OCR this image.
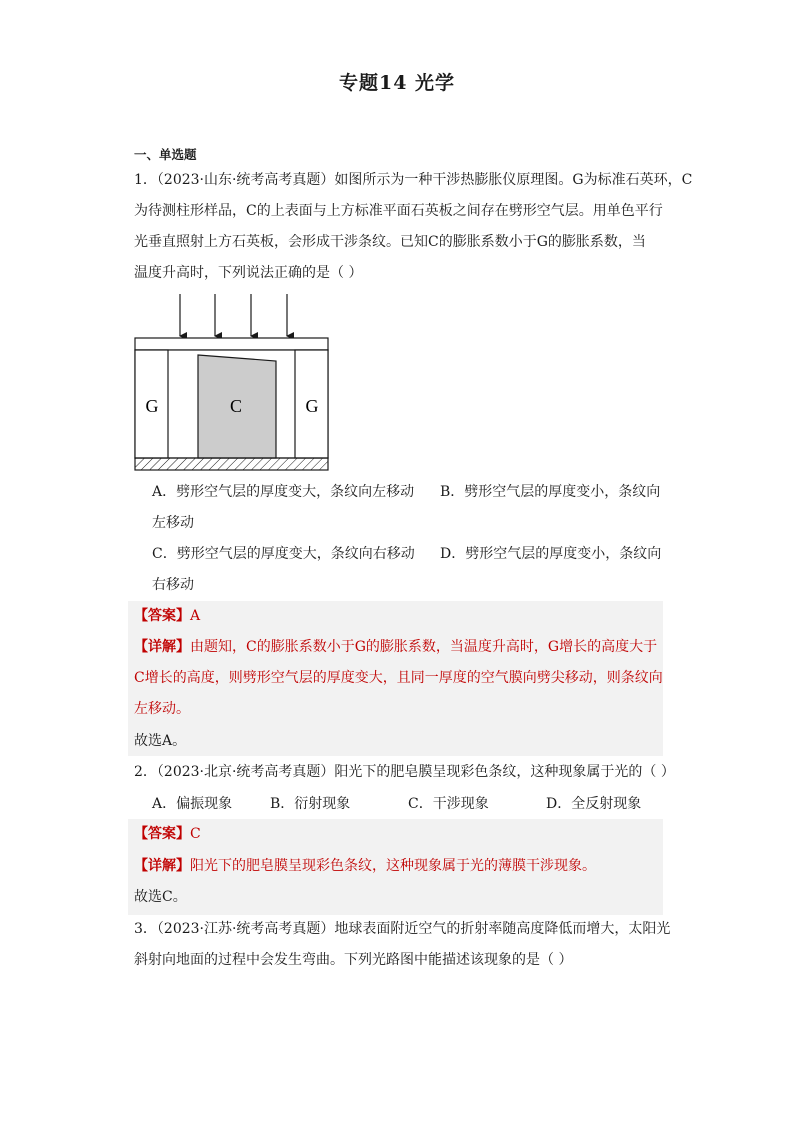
专题14 光学
一、单选题
1．（2023·山东·统考高考真题）如图所示为一种干涉热膨胀仪原理图。G为标准石英环，C
为待测柱形样品，C的上表面与上方标准平面石英板之间存在劈形空气层。用单色平行
光垂直照射上方石英板，会形成干涉条纹。已知C的膨胀系数小于G的膨胀系数，当
温度升高时，下列说法正确的是（ ）
G	C	G
A．劈形空气层的厚度变大，条纹向左移动 B．劈形空气层的厚度变小，条纹向
左移动
C．劈形空气层的厚度变大，条纹向右移动 D．劈形空气层的厚度变小，条纹向
右移动
【答案】A
【详解】由题知，C的膨胀系数小于G的膨胀系数，当温度升高时，G增长的高度大于
C增长的高度，则劈形空气层的厚度变大，且同一厚度的空气膜向劈尖移动，则条纹向
左移动。
故选A。
2．（2023·北京·统考高考真题）阳光下的肥皂膜呈现彩色条纹，这种现象属于光的（ ）
A．偏振现象	B．衍射现象	C．干涉现象	D．全反射现象
【答案】C
【详解】阳光下的肥皂膜呈现彩色条纹，这种现象属于光的薄膜干涉现象。
故选C。
3．（2023·江苏·统考高考真题）地球表面附近空气的折射率随高度降低而增大，太阳光
斜射向地面的过程中会发生弯曲。下列光路图中能描述该现象的是（ ）
